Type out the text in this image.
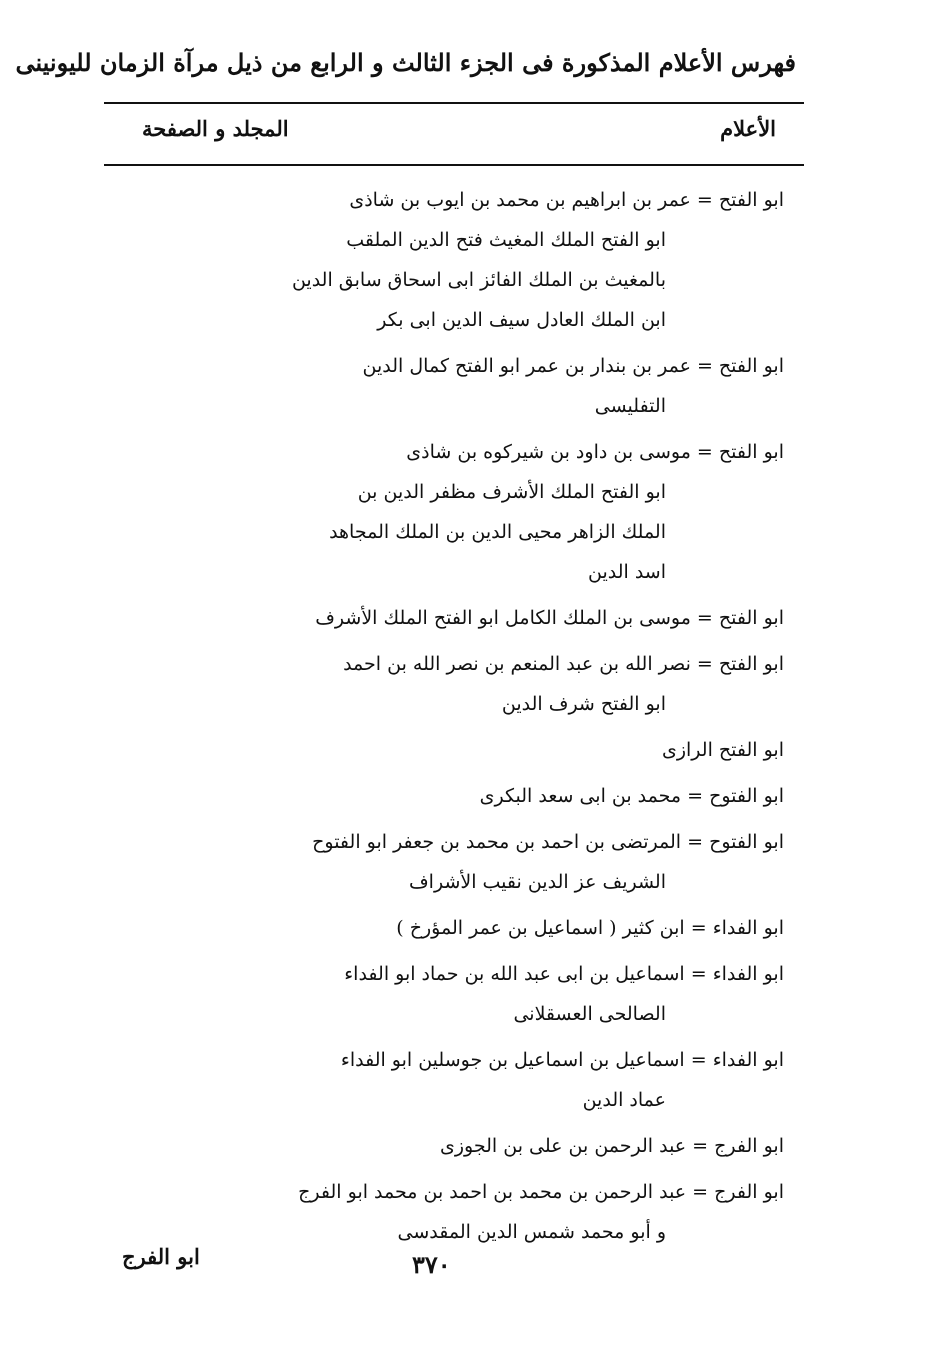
فهرس الأعلام المذكورة فى الجزء الثالث و الرابع من ذيل مرآة الزمان لليونينى
الأعلام
المجلد و الصفحة
ابو الفتح = عمر بن ابراهيم بن محمد بن ايوب بن شاذى
ابو الفتح الملك المغيث فتح الدين الملقب
بالمغيث بن الملك الفائز ابى اسحاق سابق الدين
ابن الملك العادل سيف الدين ابى بكر
ابو الفتح = عمر بن بندار بن عمر ابو الفتح كمال الدين
التفليسى
ابو الفتح = موسى بن داود بن شيركوه بن شاذى
ابو الفتح الملك الأشرف مظفر الدين بن
الملك الزاهر محيى الدين بن الملك المجاهد
اسد الدين
ابو الفتح = موسى بن الملك الكامل ابو الفتح الملك الأشرف
ابو الفتح = نصر الله بن عبد المنعم بن نصر الله بن احمد
ابو الفتح شرف الدين
ابو الفتح الرازى
ابو الفتوح = محمد بن ابى سعد البكرى
ابو الفتوح = المرتضى بن احمد بن محمد بن جعفر ابو الفتوح
الشريف عز الدين نقيب الأشراف
ابو الفداء = ابن كثير ( اسماعيل بن عمر المؤرخ )
ابو الفداء = اسماعيل بن ابى عبد الله بن حماد ابو الفداء
الصالحى العسقلانى
ابو الفداء = اسماعيل بن اسماعيل بن جوسلين ابو الفداء
عماد الدين
ابو الفرج = عبد الرحمن بن على بن الجوزى
ابو الفرج = عبد الرحمن بن محمد بن احمد بن محمد ابو الفرج
و أبو محمد شمس الدين المقدسى
ابو الفرج	٣٧٠
